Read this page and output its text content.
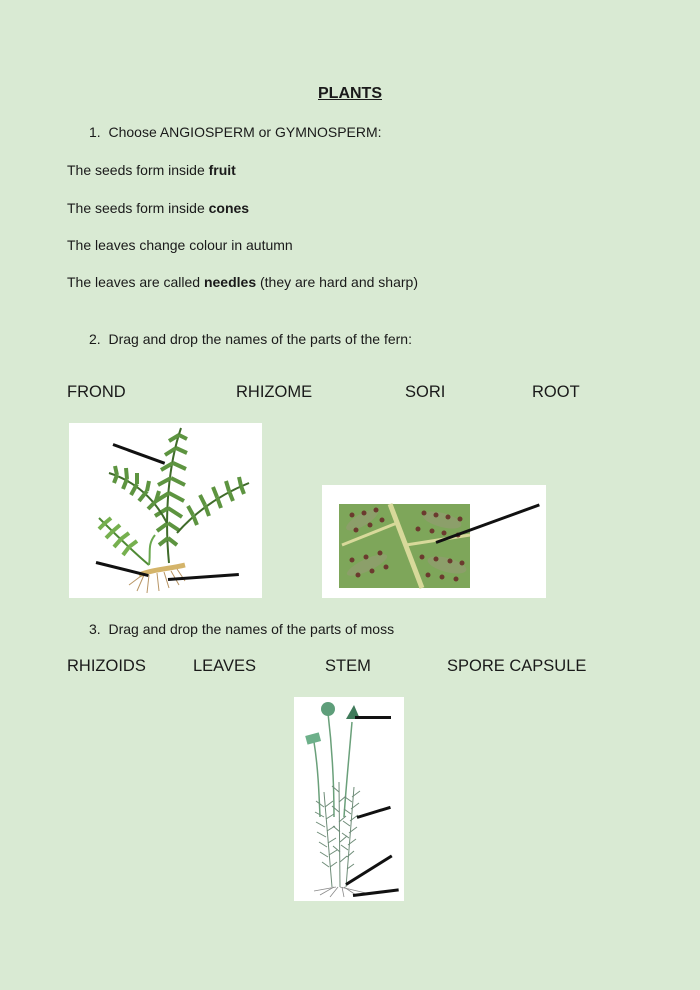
PLANTS
1. Choose ANGIOSPERM or GYMNOSPERM:
The seeds form inside fruit
The seeds form inside cones
The leaves change colour in autumn
The leaves are called needles (they are hard and sharp)
2. Drag and drop the names of the parts of the fern:
FROND	RHIZOME	SORI	ROOT
3. Drag and drop the names of the parts of moss
RHIZOIDS	LEAVES	STEM	SPORE CAPSULE
